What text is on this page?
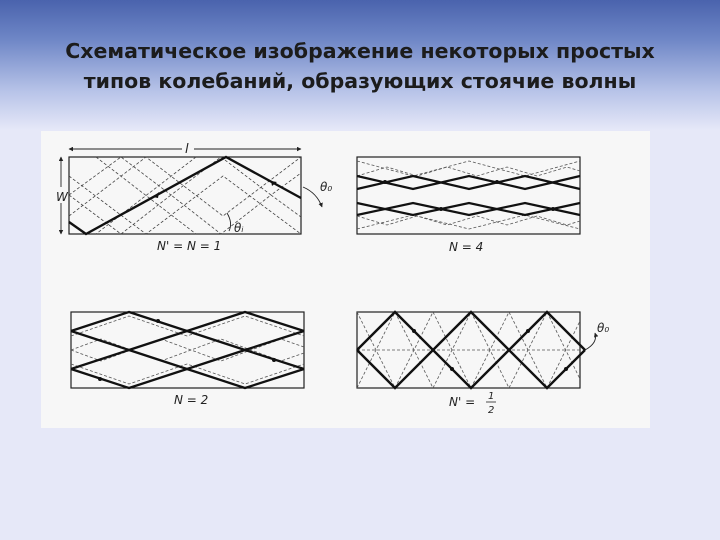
Схематическое изображение некоторых простых
типов колебаний, образующих стоячие волны
l
W
θ₀
θᵢ
N' = N = 1	N = 4
N = 2
θ₀
N' = 1
2
